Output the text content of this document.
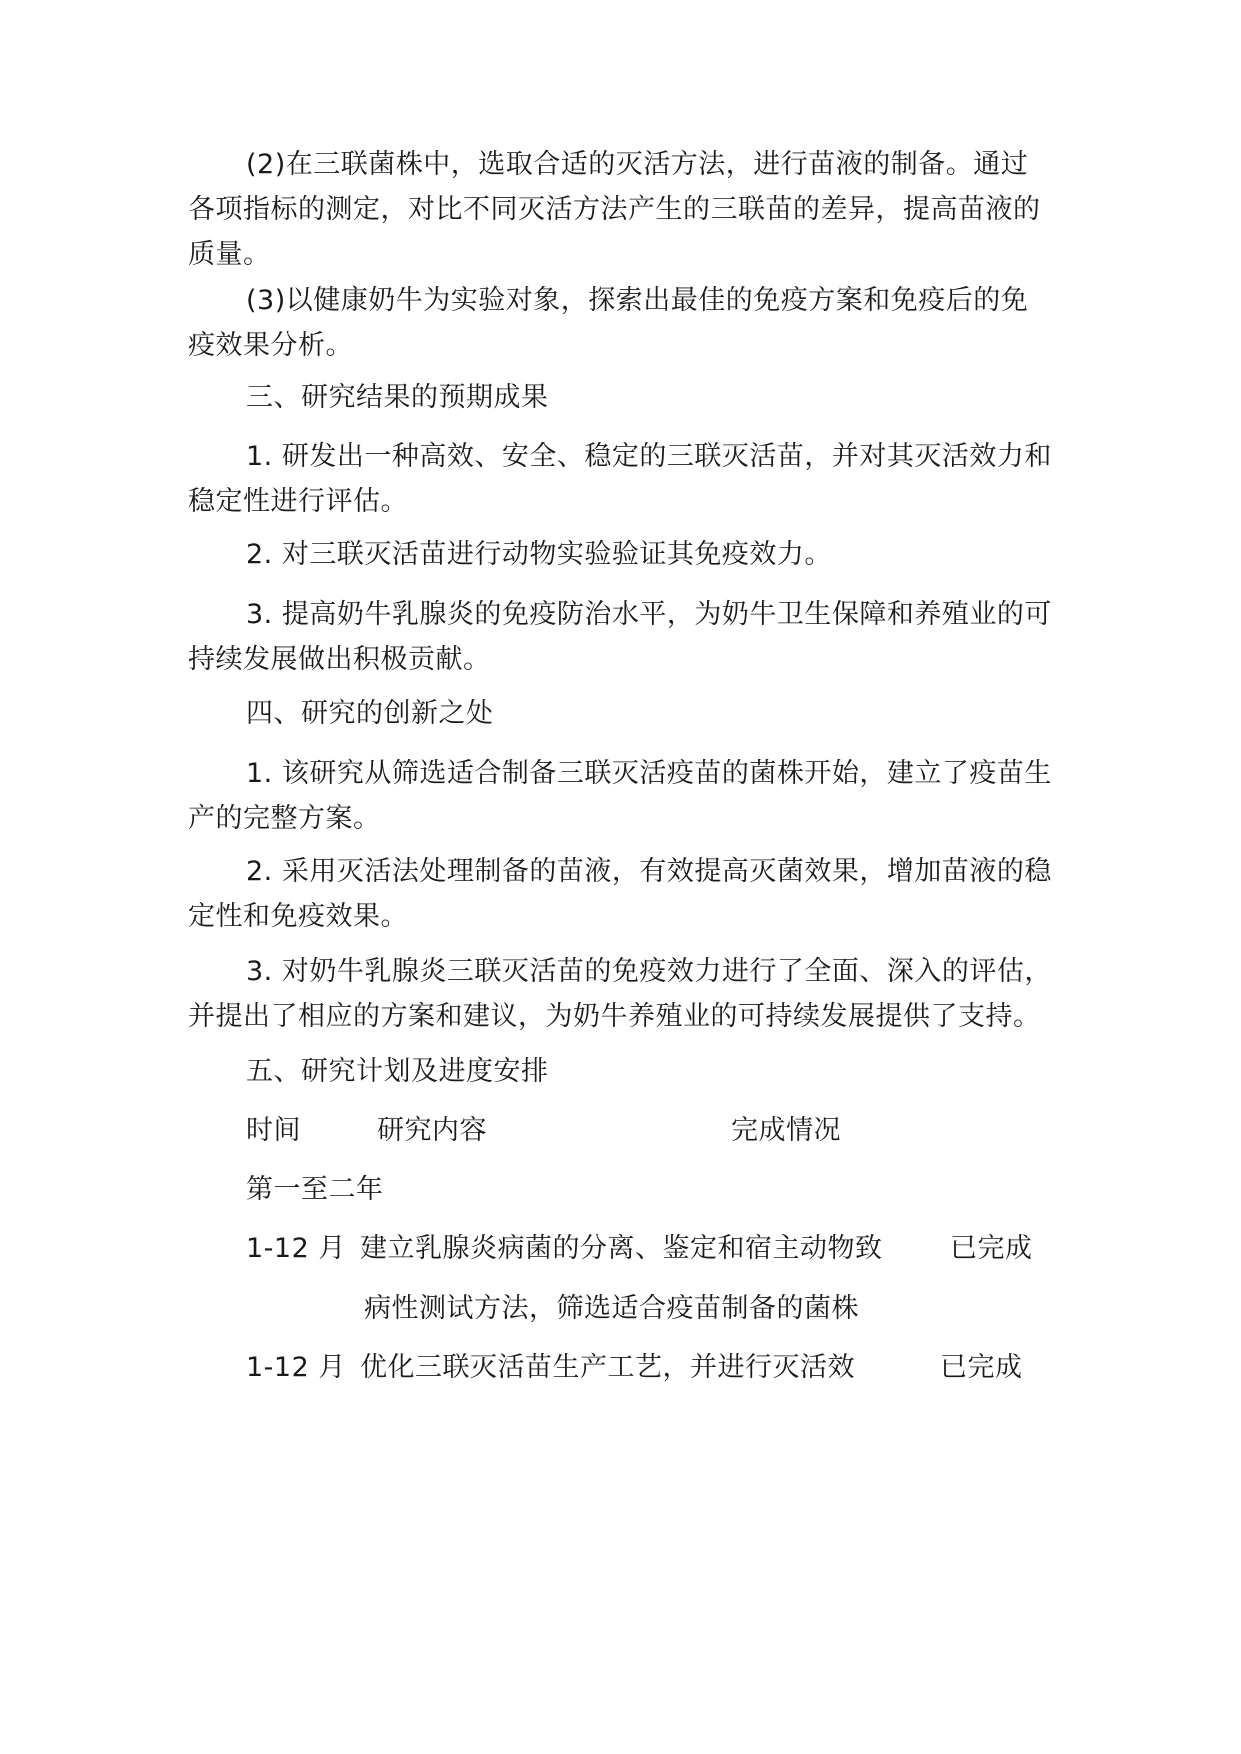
(2)在三联菌株中，选取合适的灭活方法，进行苗液的制备。通过各项指标的测定，对比不同灭活方法产生的三联苗的差异，提高苗液的质量。

(3)以健康奶牛为实验对象，探索出最佳的免疫方案和免疫后的免疫效果分析。

三、研究结果的预期成果

1. 研发出一种高效、安全、稳定的三联灭活苗，并对其灭活效力和稳定性进行评估。

2. 对三联灭活苗进行动物实验验证其免疫效力。

3. 提高奶牛乳腺炎的免疫防治水平，为奶牛卫生保障和养殖业的可持续发展做出积极贡献。

四、研究的创新之处

1. 该研究从筛选适合制备三联灭活疫苗的菌株开始，建立了疫苗生产的完整方案。

2. 采用灭活法处理制备的苗液，有效提高灭菌效果，增加苗液的稳定性和免疫效果。

3. 对奶牛乳腺炎三联灭活苗的免疫效力进行了全面、深入的评估，并提出了相应的方案和建议，为奶牛养殖业的可持续发展提供了支持。

五、研究计划及进度安排

时间	研究内容	完成情况
第一至二年
1-12 月 建立乳腺炎病菌的分离、鉴定和宿主动物致	已完成
病性测试方法，筛选适合疫苗制备的菌株
1-12 月 优化三联灭活苗生产工艺，并进行灭活效	已完成
